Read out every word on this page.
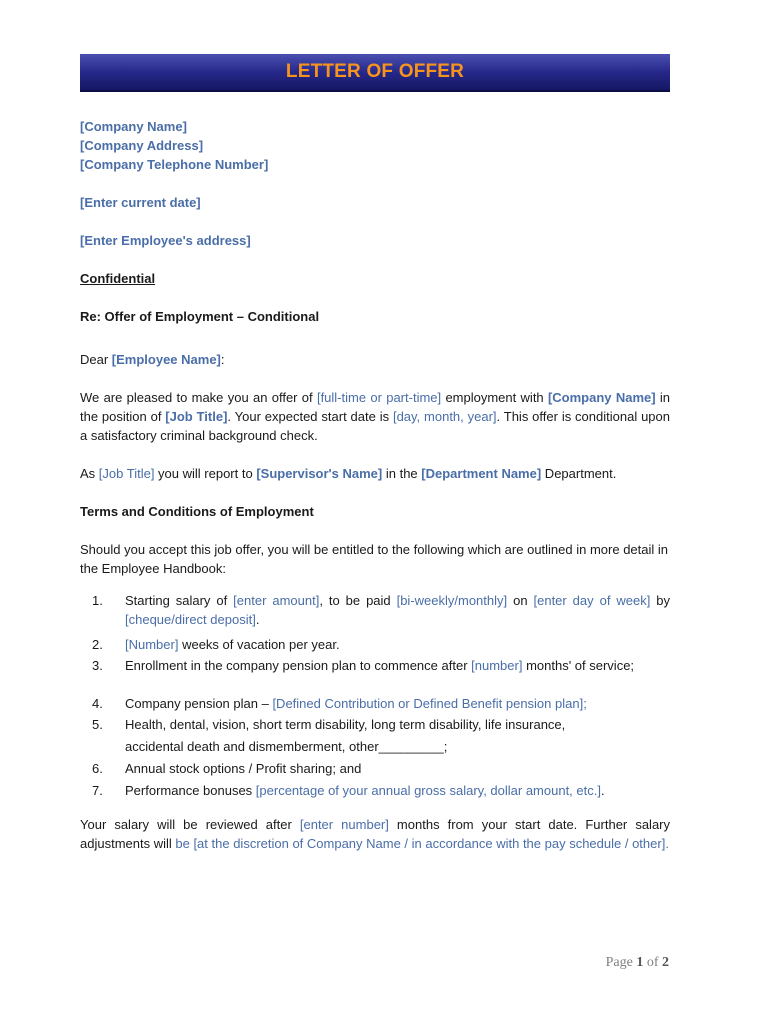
LETTER OF OFFER
[Company Name]
[Company Address]
[Company Telephone Number]
[Enter current date]
[Enter Employee's address]
Confidential
Re: Offer of Employment – Conditional
Dear [Employee Name]:
We are pleased to make you an offer of [full-time or part-time] employment with [Company Name] in the position of [Job Title]. Your expected start date is [day, month, year]. This offer is conditional upon a satisfactory criminal background check.
As [Job Title] you will report to [Supervisor's Name] in the [Department Name] Department.
Terms and Conditions of Employment
Should you accept this job offer, you will be entitled to the following which are outlined in more detail in the Employee Handbook:
1.	Starting salary of [enter amount], to be paid [bi-weekly/monthly] on [enter day of week] by [cheque/direct deposit].
2.	[Number] weeks of vacation per year.
3.	Enrollment in the company pension plan to commence after [number] months' of service;
4.	Company pension plan – [Defined Contribution or Defined Benefit pension plan];
5.	Health, dental, vision, short term disability, long term disability, life insurance,
accidental death and dismemberment, other_________;
6.	Annual stock options / Profit sharing; and
7.	Performance bonuses [percentage of your annual gross salary, dollar amount, etc.].
Your salary will be reviewed after [enter number] months from your start date. Further salary adjustments will be [at the discretion of Company Name / in accordance with the pay schedule / other].
Page 1 of 2
